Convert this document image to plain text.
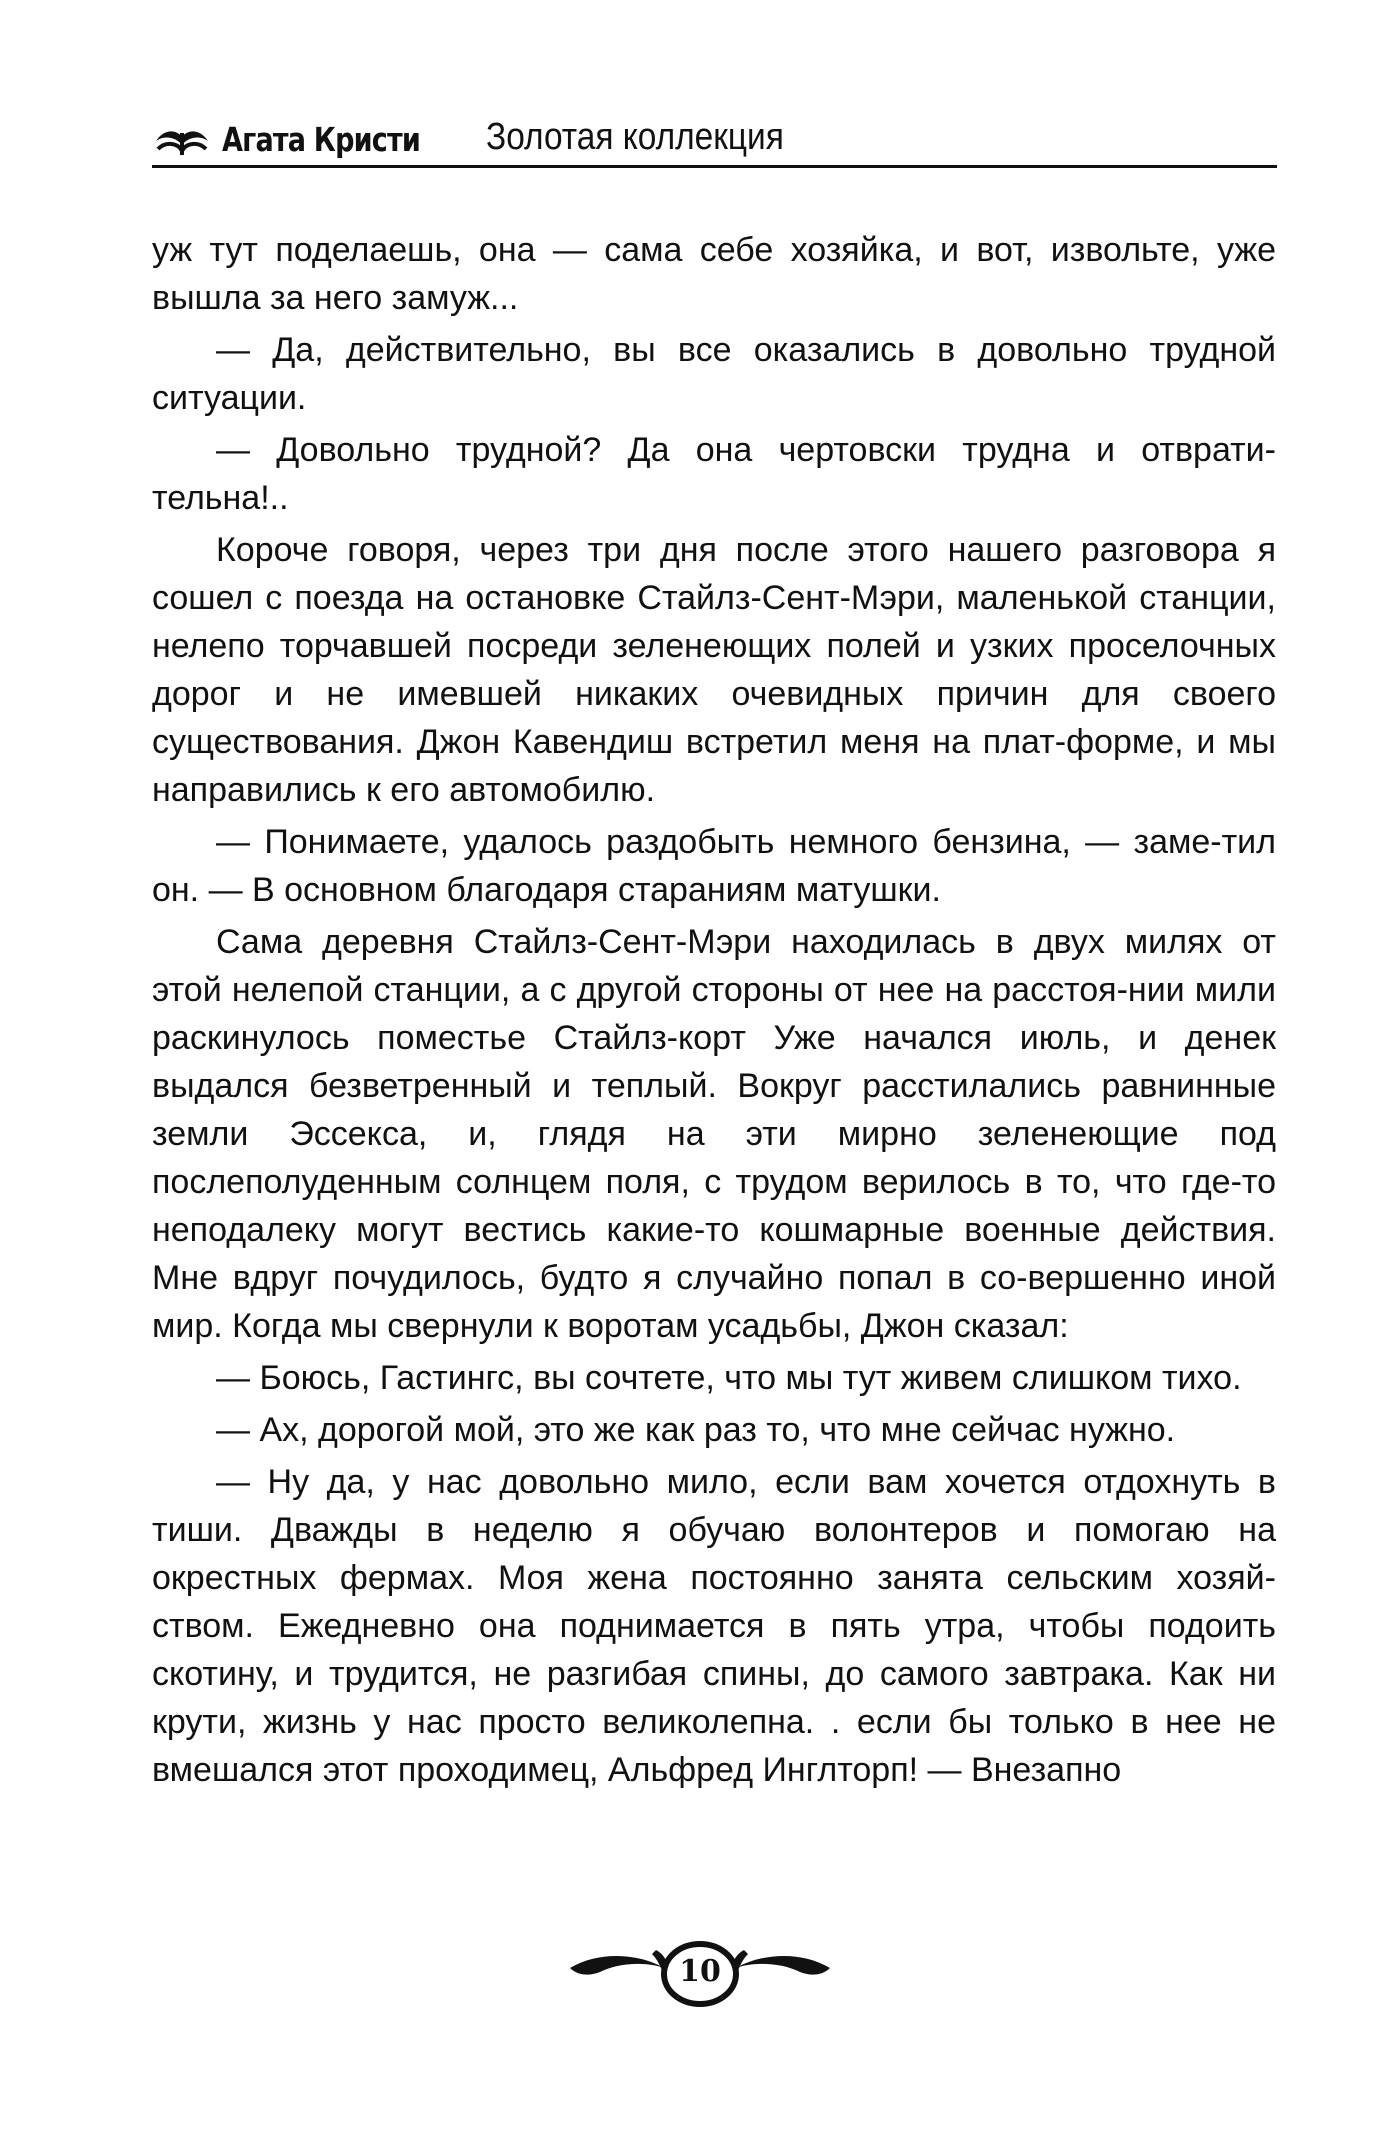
Агата Кристи Золотая коллекция

уж тут поделаешь, она — сама себе хозяйка, и вот, извольте, уже вышла за него замуж...

— Да, действительно, вы все оказались в довольно трудной ситуации.

— Довольно трудной? Да она чертовски трудна и отврати-тельна!..

Короче говоря, через три дня после этого нашего разговора я сошел с поезда на остановке Стайлз-Сент-Мэри, маленькой станции, нелепо торчавшей посреди зеленеющих полей и узких проселочных дорог и не имевшей никаких очевидных причин для своего существования. Джон Кавендиш встретил меня на плат-форме, и мы направились к его автомобилю.

— Понимаете, удалось раздобыть немного бензина, — заме-тил он. — В основном благодаря стараниям матушки.

Сама деревня Стайлз-Сент-Мэри находилась в двух милях от этой нелепой станции, а с другой стороны от нее на расстоя-нии мили раскинулось поместье Стайлз-корт Уже начался июль, и денек выдался безветренный и теплый. Вокруг расстилались равнинные земли Эссекса, и, глядя на эти мирно зеленеющие под послеполуденным солнцем поля, с трудом верилось в то, что где-то неподалеку могут вестись какие-то кошмарные военные действия. Мне вдруг почудилось, будто я случайно попал в со-вершенно иной мир. Когда мы свернули к воротам усадьбы, Джон сказал:

— Боюсь, Гастингс, вы сочтете, что мы тут живем слишком тихо.

— Ах, дорогой мой, это же как раз то, что мне сейчас нужно.

— Ну да, у нас довольно мило, если вам хочется отдохнуть в тиши. Дважды в неделю я обучаю волонтеров и помогаю на окрестных фермах. Моя жена постоянно занята сельским хозяй-ством. Ежедневно она поднимается в пять утра, чтобы подоить скотину, и трудится, не разгибая спины, до самого завтрака. Как ни крути, жизнь у нас просто великолепна. . если бы только в нее не вмешался этот проходимец, Альфред Инглторп! — Внезапно

10
